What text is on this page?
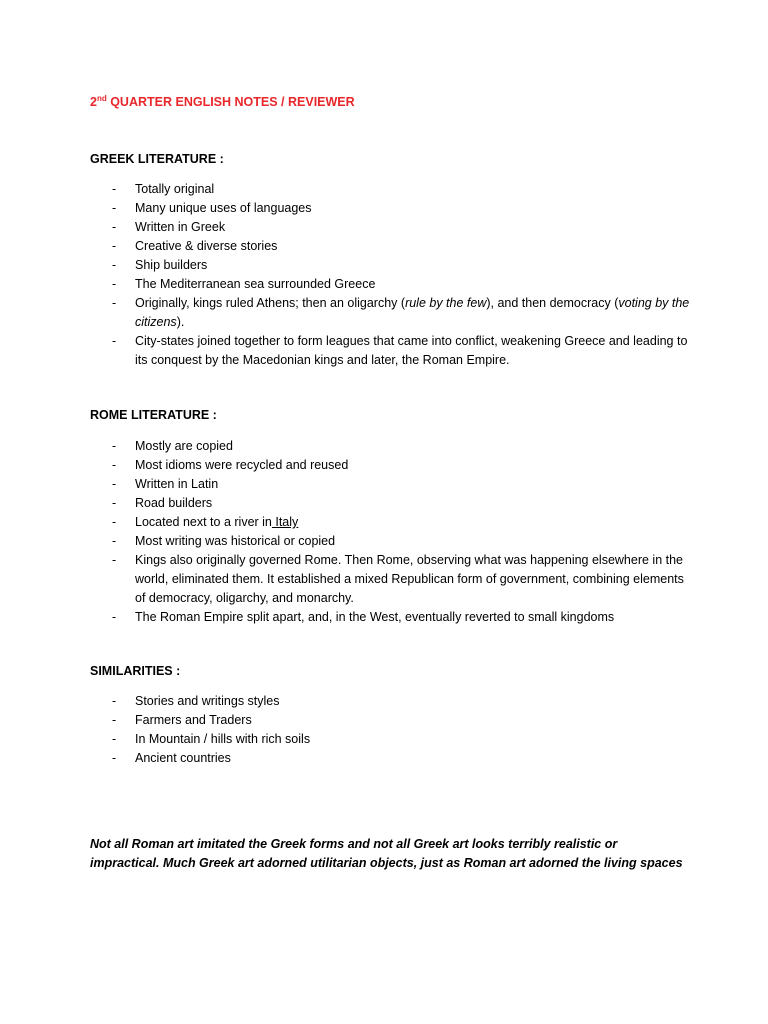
2nd QUARTER ENGLISH NOTES / REVIEWER
GREEK LITERATURE :
- Totally original
- Many unique uses of languages
- Written in Greek
- Creative & diverse stories
- Ship builders
- The Mediterranean sea surrounded Greece
- Originally, kings ruled Athens; then an oligarchy (rule by the few), and then democracy (voting by the citizens).
- City-states joined together to form leagues that came into conflict, weakening Greece and leading to its conquest by the Macedonian kings and later, the Roman Empire.
ROME LITERATURE :
- Mostly are copied
- Most idioms were recycled and reused
- Written in Latin
- Road builders
- Located next to a river in Italy
- Most writing was historical or copied
- Kings also originally governed Rome. Then Rome, observing what was happening elsewhere in the world, eliminated them. It established a mixed Republican form of government, combining elements of democracy, oligarchy, and monarchy.
- The Roman Empire split apart, and, in the West, eventually reverted to small kingdoms
SIMILARITIES :
- Stories and writings styles
- Farmers and Traders
- In Mountain / hills with rich soils
- Ancient countries
Not all Roman art imitated the Greek forms and not all Greek art looks terribly realistic or impractical. Much Greek art adorned utilitarian objects, just as Roman art adorned the living spaces
